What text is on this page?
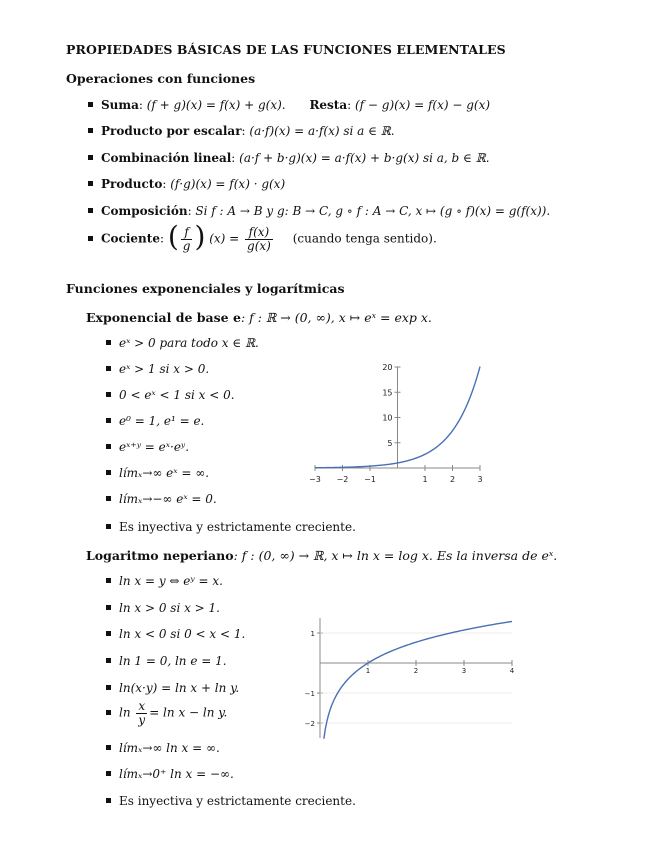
PROPIEDADES BÁSICAS DE LAS FUNCIONES ELEMENTALES
Operaciones con funciones
Suma: (f + g)(x) = f(x) + g(x). Resta: (f − g)(x) = f(x) − g(x)
Producto por escalar: (a·f)(x) = a·f(x) si a ∈ ℝ.
Combinación lineal: (a·f + b·g)(x) = a·f(x) + b·g(x) si a, b ∈ ℝ.
Producto: (f·g)(x) = f(x) · g(x)
Composición: Si f : A → B y g: B → C, g ∘ f : A → C, x ↦ (g ∘ f)(x) = g(f(x)).
Cociente: ( $\frac{f}{g}$ ) $(x) = \frac{f(x)}{g(x)}$ (cuando tenga sentido).
Funciones exponenciales y logarítmicas
Exponencial de base e: f : ℝ → (0, ∞), x ↦ eˣ = exp x.
eˣ > 0 para todo x ∈ ℝ.
eˣ > 1 si x > 0.
0 < eˣ < 1 si x < 0.
e⁰ = 1, e¹ = e.
eˣ⁺ʸ = eˣ·eʸ.
límₓ→∞ eˣ = ∞.
límₓ→−∞ eˣ = 0.
Es inyectiva y estrictamente creciente.
−3 −2 −1	1	2	3
5
10
15
20
Logaritmo neperiano: f : (0, ∞) → ℝ, x ↦ ln x = log x. Es la inversa de eˣ.
ln x = y ⇔ eʸ = x.
ln x > 0 si x > 1.
ln x < 0 si 0 < x < 1.
ln 1 = 0, ln e = 1.
ln(x·y) = ln x + ln y.
$\ln \frac{x}{y} = \ln x - \ln y$.
límₓ→∞ ln x = ∞.
límₓ→0⁺ ln x = −∞.
Es inyectiva y estrictamente creciente.
1	2	3	4
1
−1
−2
